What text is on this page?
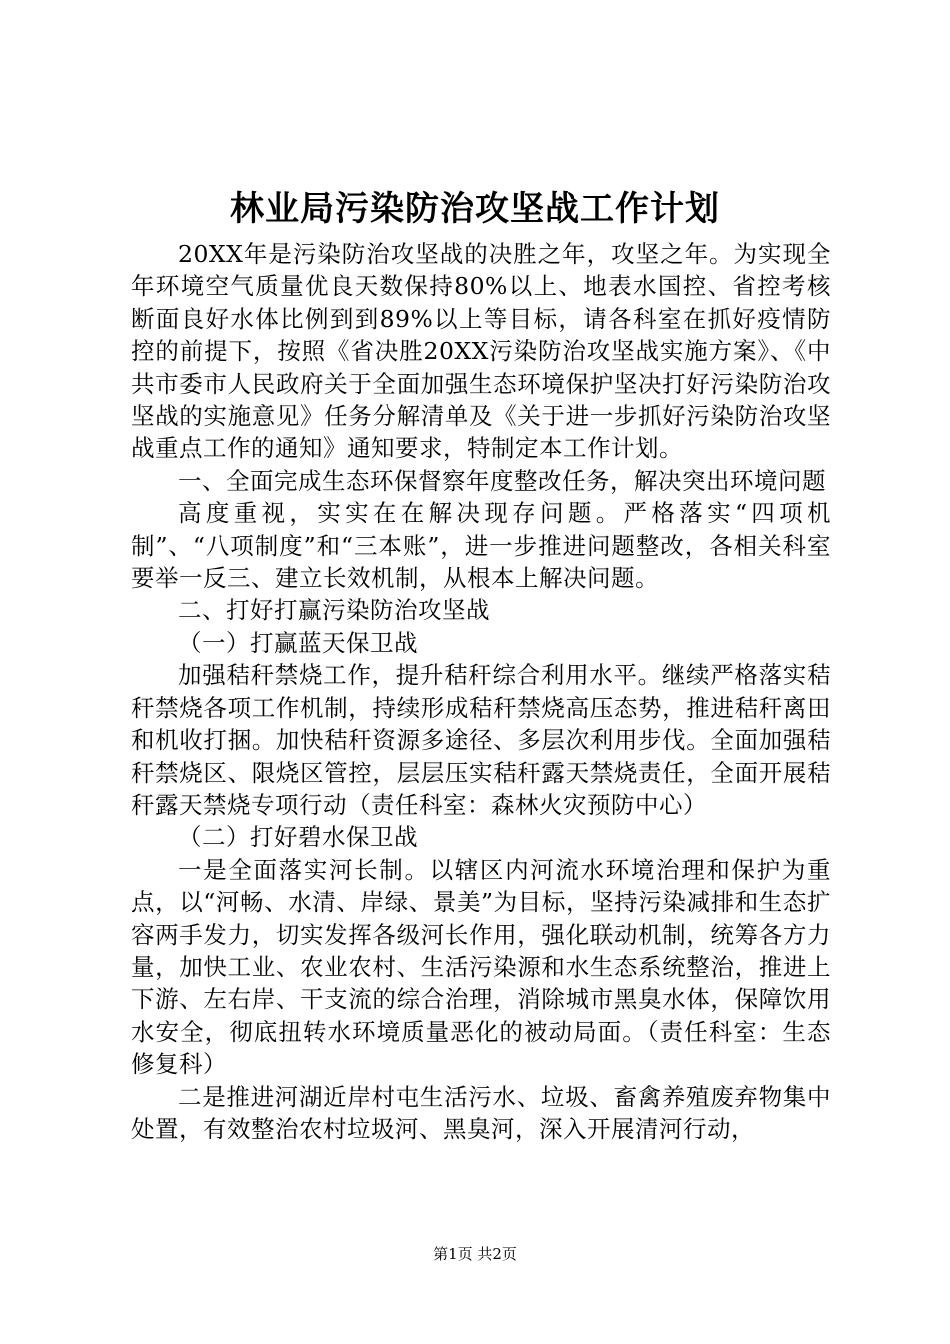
林业局污染防治攻坚战工作计划

20XX年是污染防治攻坚战的决胜之年，攻坚之年。为实现全年环境空气质量优良天数保持80%以上、地表水国控、省控考核断面良好水体比例到到89%以上等目标，请各科室在抓好疫情防控的前提下，按照《省决胜20XX污染防治攻坚战实施方案》、《中共市委市人民政府关于全面加强生态环境保护坚决打好污染防治攻坚战的实施意见》任务分解清单及《关于进一步抓好污染防治攻坚战重点工作的通知》通知要求，特制定本工作计划。

一、全面完成生态环保督察年度整改任务，解决突出环境问题

高度重视，实实在在解决现存问题。严格落实“四项机制”、“八项制度”和“三本账”，进一步推进问题整改，各相关科室要举一反三、建立长效机制，从根本上解决问题。

二、打好打赢污染防治攻坚战

（一）打赢蓝天保卫战

加强秸秆禁烧工作，提升秸秆综合利用水平。继续严格落实秸秆禁烧各项工作机制，持续形成秸秆禁烧高压态势，推进秸秆离田和机收打捆。加快秸秆资源多途径、多层次利用步伐。全面加强秸秆禁烧区、限烧区管控，层层压实秸秆露天禁烧责任，全面开展秸秆露天禁烧专项行动（责任科室：森林火灾预防中心）

（二）打好碧水保卫战

一是全面落实河长制。以辖区内河流水环境治理和保护为重点，以“河畅、水清、岸绿、景美”为目标，坚持污染减排和生态扩容两手发力，切实发挥各级河长作用，强化联动机制，统筹各方力量，加快工业、农业农村、生活污染源和水生态系统整治，推进上下游、左右岸、干支流的综合治理，消除城市黑臭水体，保障饮用水安全，彻底扭转水环境质量恶化的被动局面。（责任科室：生态修复科）

二是推进河湖近岸村屯生活污水、垃圾、畜禽养殖废弃物集中处置，有效整治农村垃圾河、黑臭河，深入开展清河行动，

第1页 共2页
